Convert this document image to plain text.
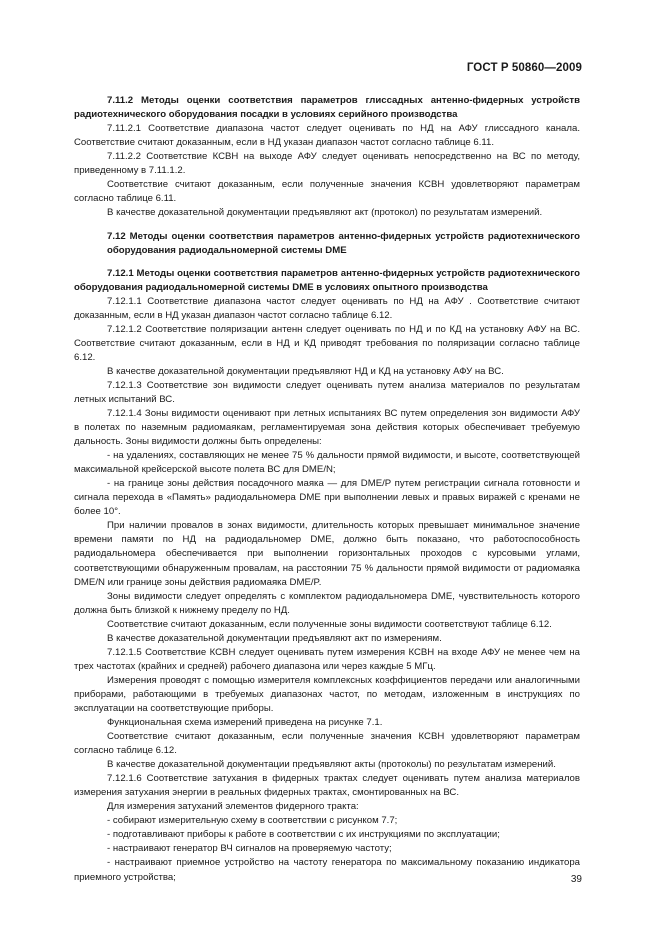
ГОСТ Р 50860—2009

7.11.2 Методы оценки соответствия параметров глиссадных антенно-фидерных устройств радиотехнического оборудования посадки в условиях серийного производства

7.11.2.1 Соответствие диапазона частот следует оценивать по НД на АФУ глиссадного канала. Соответствие считают доказанным, если в НД указан диапазон частот согласно таблице 6.11.

7.11.2.2 Соответствие КСВН на выходе АФУ следует оценивать непосредственно на ВС по методу, приведенному в 7.11.1.2.

Соответствие считают доказанным, если полученные значения КСВН удовлетворяют параметрам согласно таблице 6.11.

В качестве доказательной документации предъявляют акт (протокол) по результатам измерений.

7.12 Методы оценки соответствия параметров антенно-фидерных устройств радиотехнического оборудования радиодальномерной системы DME

7.12.1 Методы оценки соответствия параметров антенно-фидерных устройств радиотехнического оборудования радиодальномерной системы DME в условиях опытного производства

7.12.1.1 Соответствие диапазона частот следует оценивать по НД на АФУ . Соответствие считают доказанным, если в НД указан диапазон частот согласно таблице 6.12.

7.12.1.2 Соответствие поляризации антенн следует оценивать по НД и по КД на установку АФУ на ВС. Соответствие считают доказанным, если в НД и КД приводят требования по поляризации согласно таблице 6.12.

В качестве доказательной документации предъявляют НД и КД на установку АФУ на ВС.

7.12.1.3 Соответствие зон видимости следует оценивать путем анализа материалов по результатам летных испытаний ВС.

7.12.1.4 Зоны видимости оценивают при летных испытаниях ВС путем определения зон видимости АФУ в полетах по наземным радиомаякам, регламентируемая зона действия которых обеспечивает требуемую дальность. Зоны видимости должны быть определены:

- на удалениях, составляющих не менее 75 % дальности прямой видимости, и высоте, соответствующей максимальной крейсерской высоте полета ВС для DME/N;

- на границе зоны действия посадочного маяка — для DME/P путем регистрации сигнала готовности и сигнала перехода в «Память» радиодальномера DME при выполнении левых и правых виражей с кренами не более 10°.

При наличии провалов в зонах видимости, длительность которых превышает минимальное значение времени памяти по НД на радиодальномер DME, должно быть показано, что работоспособность радиодальномера обеспечивается при выполнении горизонтальных проходов с курсовыми углами, соответствующими обнаруженным провалам, на расстоянии 75 % дальности прямой видимости от радиомаяка DME/N или границе зоны действия радиомаяка DME/P.

Зоны видимости следует определять с комплектом радиодальномера DME, чувствительность которого должна быть близкой к нижнему пределу по НД.

Соответствие считают доказанным, если полученные зоны видимости соответствуют таблице 6.12.

В качестве доказательной документации предъявляют акт по измерениям.

7.12.1.5 Соответствие КСВН следует оценивать путем измерения КСВН на входе АФУ не менее чем на трех частотах (крайних и средней) рабочего диапазона или через каждые 5 МГц.

Измерения проводят с помощью измерителя комплексных коэффициентов передачи или аналогичными приборами, работающими в требуемых диапазонах частот, по методам, изложенным в инструкциях по эксплуатации на соответствующие приборы.

Функциональная схема измерений приведена на рисунке 7.1.

Соответствие считают доказанным, если полученные значения КСВН удовлетворяют параметрам согласно таблице 6.12.

В качестве доказательной документации предъявляют акты (протоколы) по результатам измерений.

7.12.1.6 Соответствие затухания в фидерных трактах следует оценивать путем анализа материалов измерения затухания энергии в реальных фидерных трактах, смонтированных на ВС.

Для измерения затуханий элементов фидерного тракта:

- собирают измерительную схему в соответствии с рисунком 7.7;

- подготавливают приборы к работе в соответствии с их инструкциями по эксплуатации;

- настраивают генератор ВЧ сигналов на проверяемую частоту;

- настраивают приемное устройство на частоту генератора по максимальному показанию индикатора приемного устройства;	39
